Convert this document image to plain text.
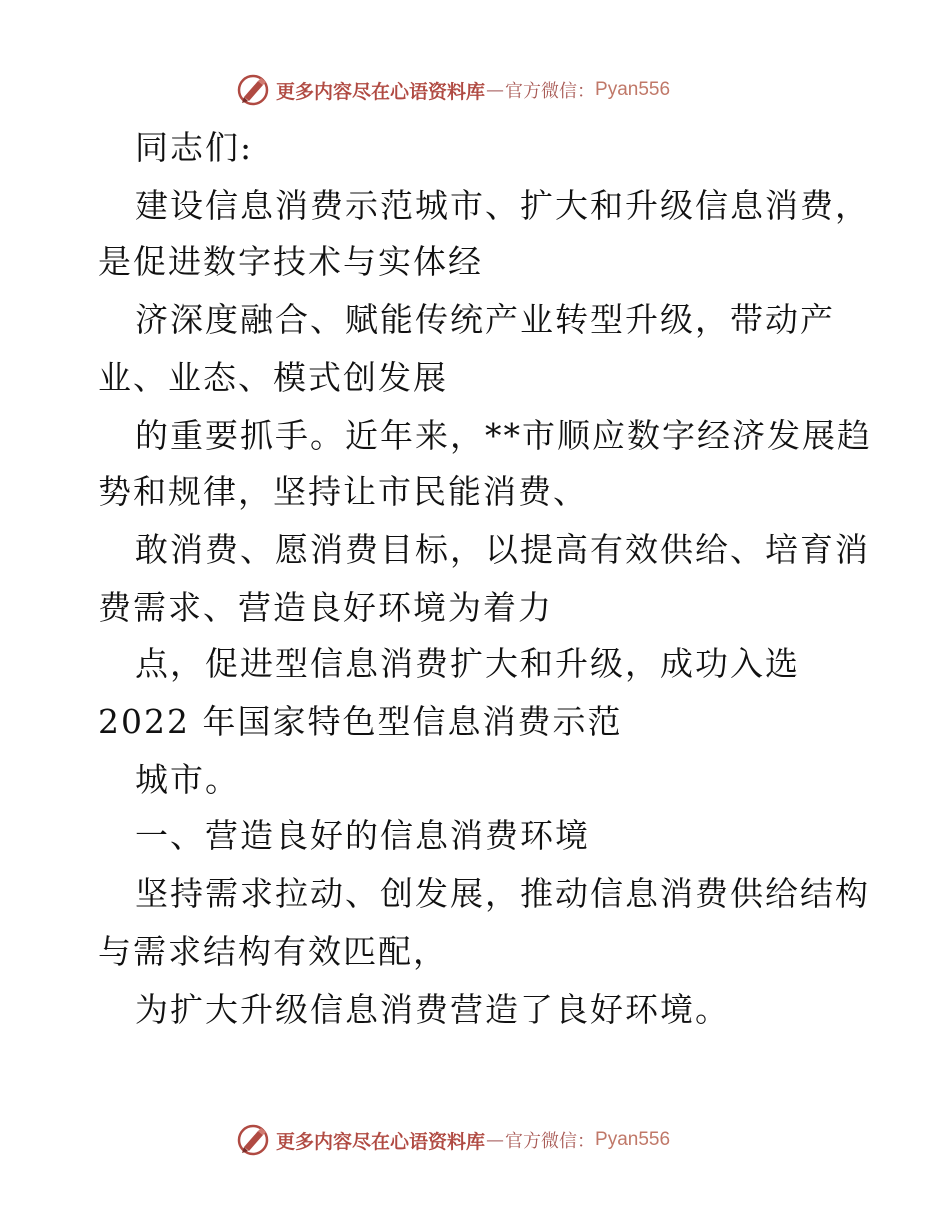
更多内容尽在心语资料库 — 官方微信： Pyan556
同志们:
建设信息消费示范城市、扩大和升级信息消费，
是促进数字技术与实体经
济深度融合、赋能传统产业转型升级，带动产
业、业态、模式创发展
的重要抓手。近年来，**市顺应数字经济发展趋
势和规律，坚持让市民能消费、
敢消费、愿消费目标，以提高有效供给、培育消
费需求、营造良好环境为着力
点，促进型信息消费扩大和升级，成功入选
2022 年国家特色型信息消费示范
城市。
一、营造良好的信息消费环境
坚持需求拉动、创发展，推动信息消费供给结构
与需求结构有效匹配，
为扩大升级信息消费营造了良好环境。
更多内容尽在心语资料库 — 官方微信： Pyan556
